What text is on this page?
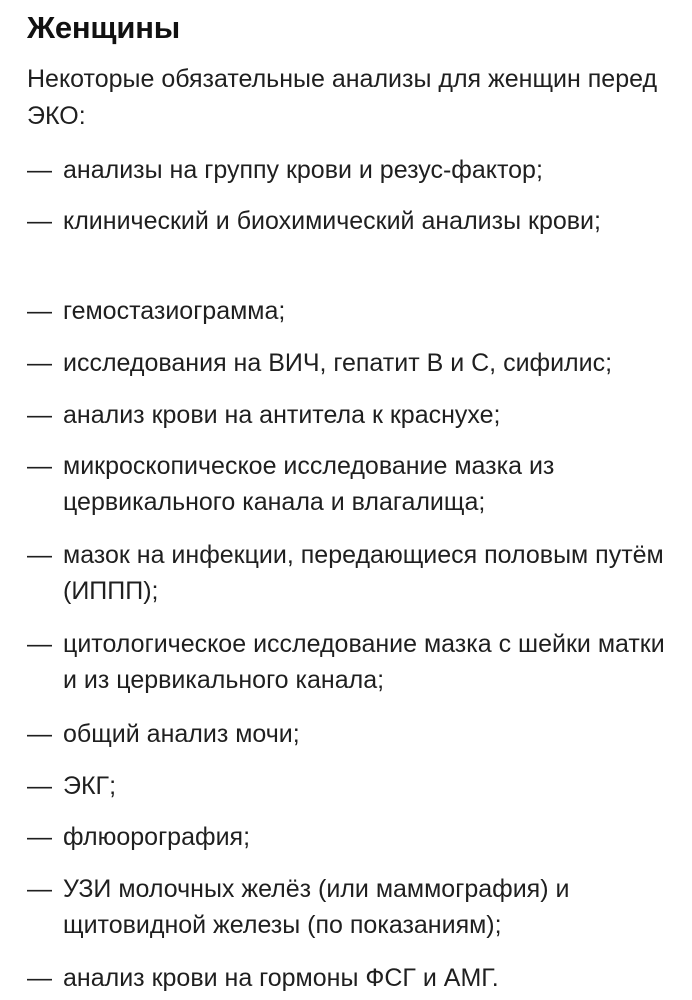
Женщины

Некоторые обязательные анализы для женщин перед ЭКО:

— анализы на группу крови и резус-фактор;
— клинический и биохимический анализы крови;
— гемостазиограмма;
— исследования на ВИЧ, гепатит В и С, сифилис;
— анализ крови на антитела к краснухе;
— микроскопическое исследование мазка из цервикального канала и влагалища;
— мазок на инфекции, передающиеся половым путём (ИППП);
— цитологическое исследование мазка с шейки матки и из цервикального канала;
— общий анализ мочи;
— ЭКГ;
— флюорография;
— УЗИ молочных желёз (или маммография) и щитовидной железы (по показаниям);
— анализ крови на гормоны ФСГ и АМГ.
